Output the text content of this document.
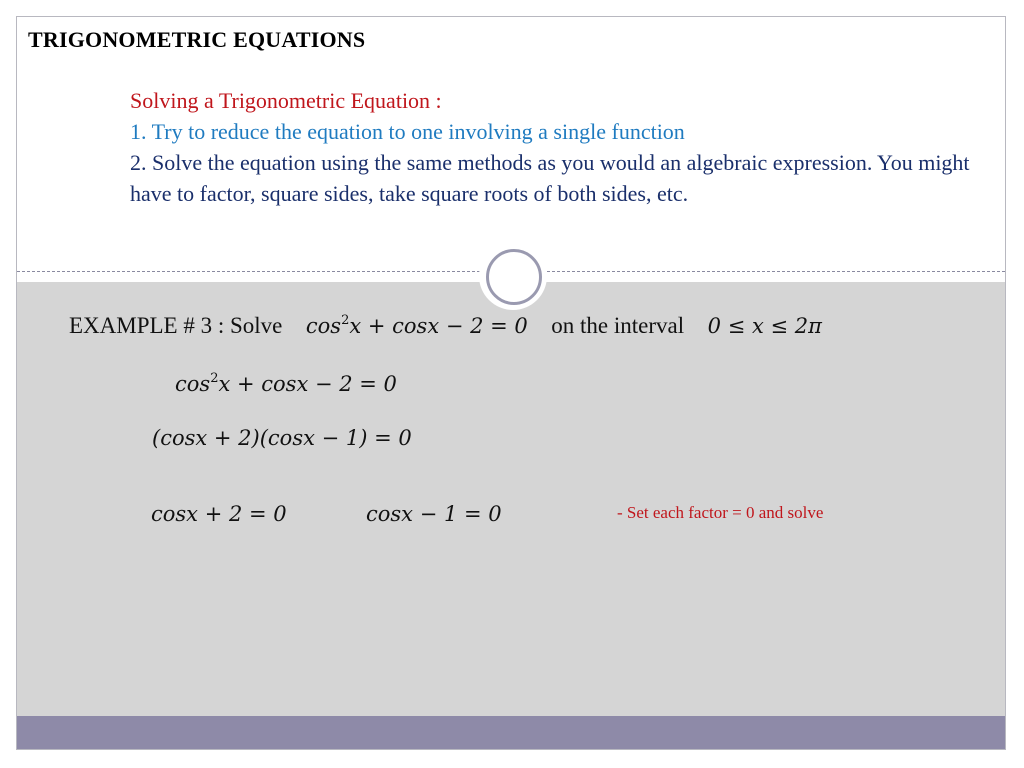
TRIGONOMETRIC EQUATIONS
Solving a Trigonometric Equation :
1. Try to reduce the equation to one involving a single function
2. Solve the equation using the same methods as you would an algebraic expression. You might have to factor, square sides, take square roots of both sides, etc.
EXAMPLE # 3 : Solve $\cos^2x + \cos x - 2 = 0$ on the interval 0 ≤ x ≤ 2π
$\cos^2x + \cos x - 2 = 0$
(cosx + 2)(cosx − 1) = 0
cosx + 2 = 0	cosx − 1 = 0	- Set each factor = 0 and solve
